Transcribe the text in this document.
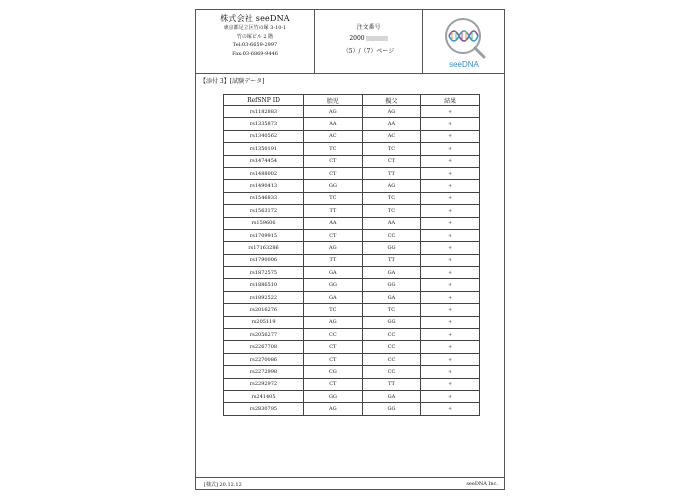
株式会社 seeDNA
東京都足立区竹の塚 3-10-1
竹の塚ビル 2 階
Tel:03-6659-2997
Fax:03-6869-9446
注文番号
2000
（5）/（7）ページ
seeDNA
【添付 3】[試験データ]
RefSNP ID	胎児	擬父	結果
rs1182883	AG	AG	+
rs1335873	AA	AA	+
rs1340562	AC	AC	+
rs1350191	TC	TC	+
rs1474454	CT	CT	+
rs1488002	CT	TT	+
rs1490413	GG	AG	+
rs1546833	TC	TC	+
rs1563172	TT	TC	+
rs159606	AA	AA	+
rs1709915	CT	CC	+
rs17163286	AG	GG	+
rs1790006	TT	TT	+
rs1872575	GA	GA	+
rs1886510	GG	GG	+
rs1892522	GA	GA	+
rs2016276	TC	TC	+
rs205119	AG	GG	+
rs2056277	CC	CC	+
rs2267708	CT	CC	+
rs2270086	CT	CC	+
rs2272998	CG	CC	+
rs2292972	CT	TT	+
rs241405	GG	GA	+
rs2830795	AG	GG	+
[様式] 20.12.12	seeDNA Inc.
